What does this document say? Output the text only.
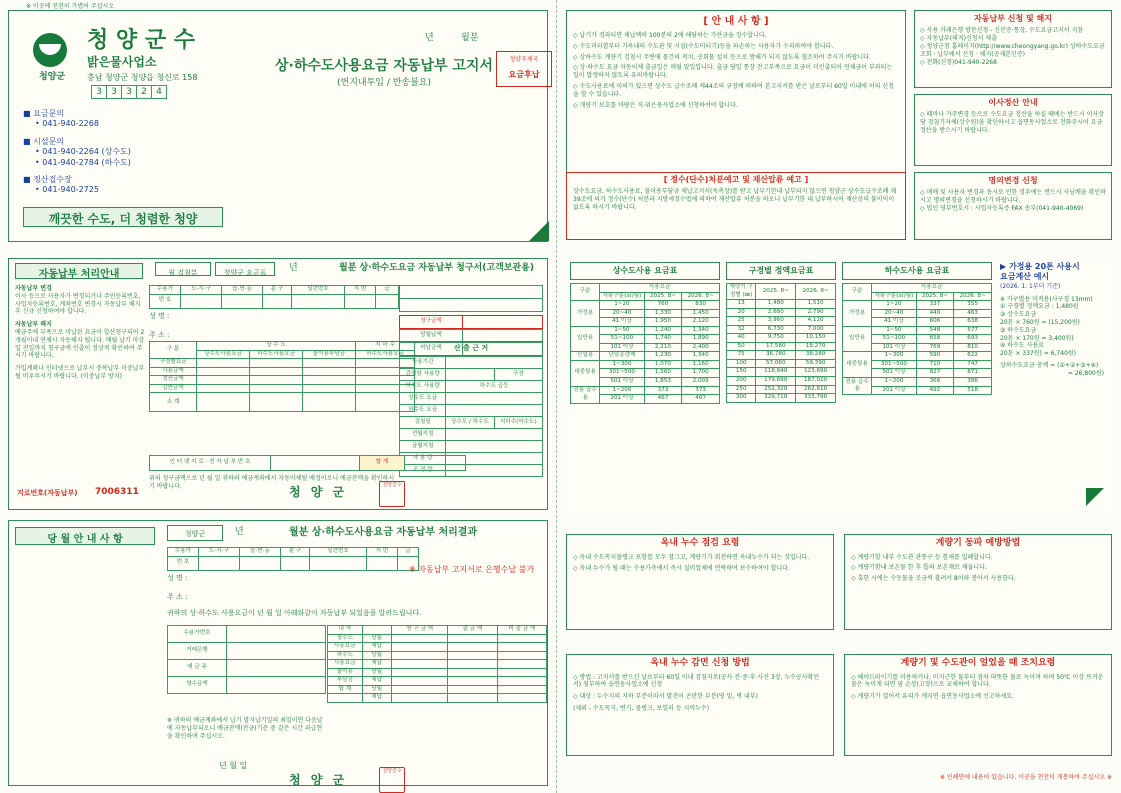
※ 이곳에 천천히 가볍어 주십시오
청양군
청 양 군 수
밝은물사업소
충남 청양군 청양읍 청신로 158
3	3	3	2	4
상·하수도사용요금 자동납부 고지서
(번지내투입 / 반송불요)
년	월분
청양우체국
요금후납
■ 요금문의
• 041-940-2268
■ 시설문의
• 041-940-2264 (상수도)
• 041-940-2784 (하수도)
■ 정산접수장
• 041-940-2725
깨끗한 수도, 더 청렴한 청양
자동납부 처리안내	월 검침분	청양군 요금표	년	월분 상·하수도요금 자동납부 청구서(고객보관용)
자동납부 변경
이사 등으로 사용자가 변경되거나 주민등록번호, 사업자등록번호, 계좌번호 변경시 자동납부 해지 후 신규 신청하여야 합니다.
자동납부 해지
예금주에 부족으로 미납된 요금이 합산청구되어 2개월이내 연체시 자동해지 됩니다. 매월 납기 마감일 전일까지 청구금액 인출이 정상적 확인하여 주시기 바랍니다.
가입계좌나 인터넷으로 납부시 중복납부 이중납부될 비우루시기 바랍니다. (이중납부 방지)
수용가	도·시·구	읍·면·동	분 구	일련번호	지 번	급
번 호						
성 명 :
주 소 :

청구금액	
당월납액	
미납금액	
구 분	상 수 도			지 하 수
	상수도사용요금	하수도사용요금	물이용부담금	하수도사용요금
구경별요금				
사용금액				
정산금액				
감면금액				
소 계				
산 출 근 거
사용기간		
검침원 사용량		구경
하수도 사용량	하수도 급등	
상수도 요금		
하수도 요금		
검침일	상수도 / 하수도	지하수(하수도)
전월지침		
금월지침		
사 용 량		
조 정 량		
인 터 넷 지 로 · 전 자 납 부 번 호		합 계	
위의 청구금액으로 년 월 일 귀하의 예금계좌에서 자동이체될 예정이오니 예금잔액을 확인하시기 바랍니다.
지로번호(자동납부) 7006311	청 양 군	청양군수
당 월 안 내 사 항	청양군	년	월분 상·하수도사용요금 자동납부 처리결과
수용가	도·시·구	읍·면·동	분 구	일련번호	지 번	급
번 호						
성 명 :
주 소 :
※ 자동납부 고지서로 은행수납 불가
귀하의 상·하수도 사용요금이 년 월 일 아래와같이 자동납부 되었음을 알려드립니다.
수용가번호	
거래은행	
예 금 주	
영수금액	
내 역		청 구 금 액	출 금 액	미 출 금 액
상수도	당월			
사용요금	체납			
하수도	당월			
사용요금	체납			
물이용	당월			
부담금	체납			
합 계	당월			
	체납			
※ 귀하의 예금계좌에서 납기 말자납기일의 최일이면 다음날에 자동납부되오니 예금잔액(잔금)기준 중 같은 시간 파급현을 확인하여 주십시오.
년 월 일
청 양 군
청양군수
[ 안 내 사 항 ]
◇ 납기가 경과되면 체납액의 100분의 2에 해당하는 가산금을 징수합니다.
◇ 수도미터함부터 가옥내의 수도관 및 시설(수도미터기)등을 파손하는 사용자가 수리하여야 합니다.
◇ 상하수도 계량기 검침시 주변에 물건의 적치, 공회물 설치 등으로 방해가 되지 않도록 협조하여 주시기 바랍니다.
◇ 상·하수도 요금 자동이체 출금일은 매월 말일입니다. 출금 당일 통장 잔고부족으로 요금이 미인출되어 연체금이 부과되는 일이 발생하지 않도록 유의바랍니다.
◇ 수도사용료에 이의가 있으면 상수도 급수조례 제44조의 규정에 의하여 본고지서를 받은 날로부터 60일 이내에 이의 신청을 할 수 있습니다.
◇ 개량기 보호를 마땅은 직·위은용사업소에 신청하여야 합니다.
[ 정수(단수)처분예고 및 재산압류 예고 ]
상수도요금, 하수도사용료, 물이용부담금 체납고지서(독촉장)를 받고 납부기한내 납부되지 않으면 청양군 상수도급수조례 제39조에 의거 정수(단수) 처분과 지방세징수법에 의하여 재산압류 처분을 하오니 납부기한 내 납부하시어 재산상의 불이익이 없도록 하시기 바랍니다.
자동납부 신청 및 해지
◇ 사용 거래은행 방문신청 - 신분증·통장, 수도요금고지서 지참
◇ 자동납부(해지)신청서 제출
◇ 청양군청 홈페이지(http://www.cheongyang.go.kr) 상하수도요금조회 · 납부에서 신청 · 해지(공재본인증)
◇ 전화(신청)041-940-2268
이사정산 안내
◇ 때마나 가주변경 등으로 수도요금 정산을 하실 때에는 반드시 이사상담 검침기자체(상수원)을 확인하시고 읍면동사업소로 전화주시어 요금정산을 받으시기 바랍니다.
명의변경 신청
◇ 매매 및 사용자 변경과 동시로 인한 경우에는 반드시 사님배을 확인하시고 명의변경을 신청하시기 바랍니다.
◇ 법인 영부번호서 : 사업자등록증 FAX 송부(041-940-4069)
상수도사용 요금표
구분	사용요금		
	사용구분(㎥/월)	2025. 8~	2026. 8~
가정용	1~20	760	830
	20~40	1,330	1,450
	41 이상	1,950	2,120
일반용	1~50	1,240	1,340
	51~100	1,740	1,890
	101 이상	2,210	2,400
산업용	단일종량제	1,230	1,340
대중탕용	1~300	1,070	1,160
	301~500	1,560	1,700
	501 이상	1,853	2,009
전용 급수용	1~200	373	373
	201 이상	467	467
구경별 정액요금표
계량기 구경별 (㎜)	2025. 8~	2026. 8~
13	1,480	1,510
20	2,680	2,790
25	3,960	4,120
32	6,730	7,000
40	9,750	10,150
50	17,580	18,270
75	36,780	38,280
100	57,060	59,390
150	118,840	123,690
200	179,690	187,020
250	252,320	262,610
300	329,710	333,790
하수도사용 요금표
구분	사용요금		
	사용구분(㎥/월)	2025. 8~	2026. 8~
가정용	1~20	337	355
	20~40	440	463
	41 이상	606	638
일반용	1~50	548	577
	51~100	658	693
	101 이상	769	810
대중탕용	1~300	590	622
	301~500	710	747
	501 이상	827	871
전용 급수용	1~200	366	386
	201 이상	492	518
▶ 가정용 20톤 사용시
요금계산 예시
(2026. 1. 1부터 기준)
※ 가구별용 미적용(사구경 13mm)
① 구경별 정액요금 : 1,480원
② 상수도요금
20톤 × 760원 = (15,200원)
③ 하수도요금
20톤 × 170원 = 3,400원)
④ 하수도 사용료
20톤 × 337원) = 6,740원)
상하수도요금 총액 = (①+②+③+④)
= 26,800원)
옥내 누수 점검 요령
◇ 옥내 수도꼭지물탱크 포함를 모두 잠그고, 계량기가 회전하면 옥내누수가 되는 것입니다.
◇ 옥내 누수가 될 때는 수용가측에서 즉시 설비업체에 연락하여 보수하여야 합니다.
계량기 동파 예방방법
◇ 계량기함 내부 수도관 관통구 등 틈새를 밀폐합니다.
◇ 계량기함내 보온물 한 후 톱의 보온재로 채웁니다.
◇ 혹한 시에는 수돗물을 조금씩 흘려서 8이와 봉아서 사용한다.
옥내 누수 감면 신청 방법
◇ 방법 : 고지서를 받으신 날로부터 60일 이내 검침지로(공사 전·중·후 사진 3장, 누수공사확인서) 첨부하여 읍면동사업소에 신청
◇ 대상 : 누수지의 지하 부분이라서 발견이 곤란한 부분(땅 밑, 벽 내부)
(제외 - 수도꼭지, 변기, 물탱크, 보일러 등 지역누수)
계량기 및 수도관이 얼었을 때 조치요령
◇ 헤어드라이기를 이용하거나, 미지근한 물부터 점차 따뜻한 물로 녹이며 하며 50℃ 이상 뜨거운 물은 녹이게 되면 옆 손상(고장)으로 교체하여 합니다.
◇ 계량기가 얼어서 유리가 깨지면 읍면동사업소에 신고하세요.
※ 인쇄면에 내용이 있습니다. 이곳을 천천히 개봉하여 주십시오 ※
